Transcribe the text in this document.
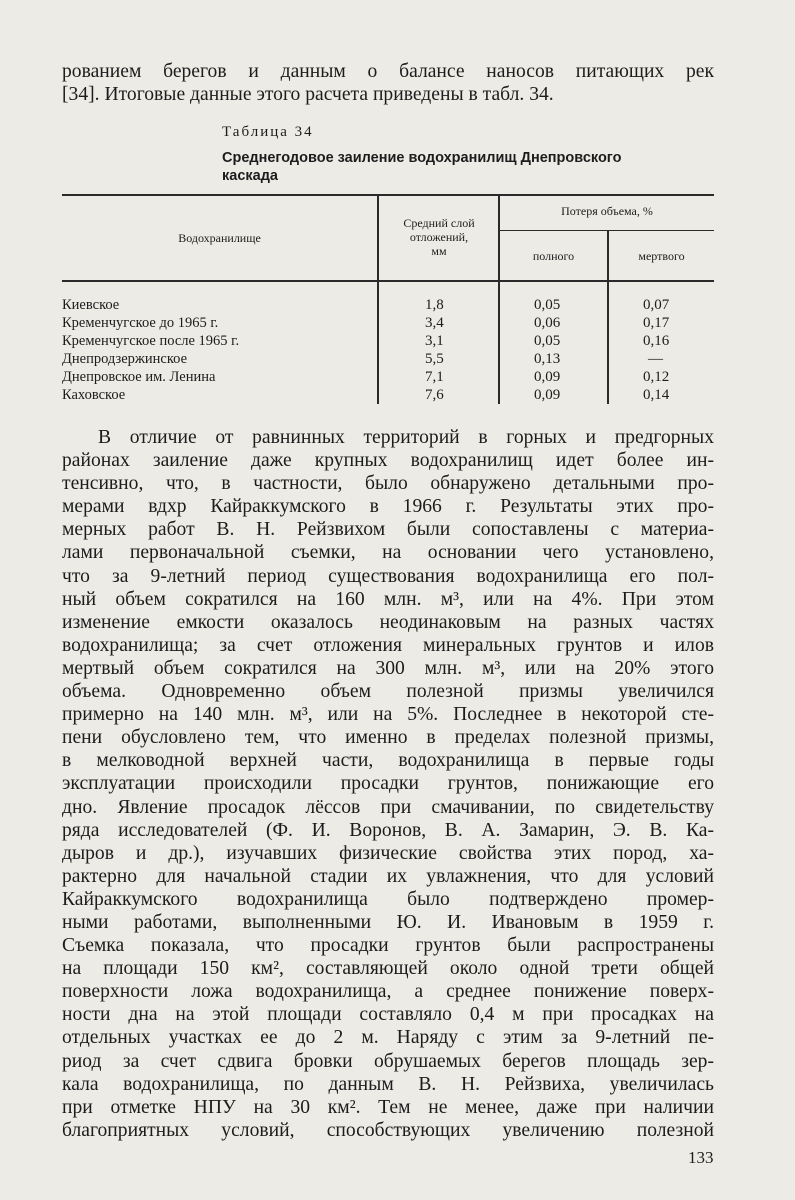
рованием берегов и данным о балансе наносов питающих рек
[34]. Итоговые данные этого расчета приведены в табл. 34.
Таблица 34
Среднегодовое заиление водохранилищ Днепровского
каскада
Водохранилище
Средний слой
отложений,
мм
Потеря объема, %
полного	мертвого
Киевское	1,8	0,05	0,07
Кременчугское до 1965 г.	3,4	0,06	0,17
Кременчугское после 1965 г.	3,1	0,05	0,16
Днепродзержинское	5,5	0,13	—
Днепровское им. Ленина	7,1	0,09	0,12
Каховское	7,6	0,09	0,14
В отличие от равнинных территорий в горных и предгорных
районах заиление даже крупных водохранилищ идет более ин-
тенсивно, что, в частности, было обнаружено детальными про-
мерами вдхр Кайраккумского в 1966 г. Результаты этих про-
мерных работ В. Н. Рейзвихом были сопоставлены с материа-
лами первоначальной съемки, на основании чего установлено,
что за 9-летний период существования водохранилища его пол-
ный объем сократился на 160 млн. м³, или на 4%. При этом
изменение емкости оказалось неодинаковым на разных частях
водохранилища; за счет отложения минеральных грунтов и илов
мертвый объем сократился на 300 млн. м³, или на 20% этого
объема. Одновременно объем полезной призмы увеличился
примерно на 140 млн. м³, или на 5%. Последнее в некоторой сте-
пени обусловлено тем, что именно в пределах полезной призмы,
в мелководной верхней части, водохранилища в первые годы
эксплуатации происходили просадки грунтов, понижающие его
дно. Явление просадок лёссов при смачивании, по свидетельству
ряда исследователей (Ф. И. Воронов, В. А. Замарин, Э. В. Ка-
дыров и др.), изучавших физические свойства этих пород, ха-
рактерно для начальной стадии их увлажнения, что для условий
Кайраккумского водохранилища было подтверждено промер-
ными работами, выполненными Ю. И. Ивановым в 1959 г.
Съемка показала, что просадки грунтов были распространены
на площади 150 км², составляющей около одной трети общей
поверхности ложа водохранилища, а среднее понижение поверх-
ности дна на этой площади составляло 0,4 м при просадках на
отдельных участках ее до 2 м. Наряду с этим за 9-летний пе-
риод за счет сдвига бровки обрушаемых берегов площадь зер-
кала водохранилища, по данным В. Н. Рейзвиха, увеличилась
при отметке НПУ на 30 км². Тем не менее, даже при наличии
благоприятных условий, способствующих увеличению полезной
133
